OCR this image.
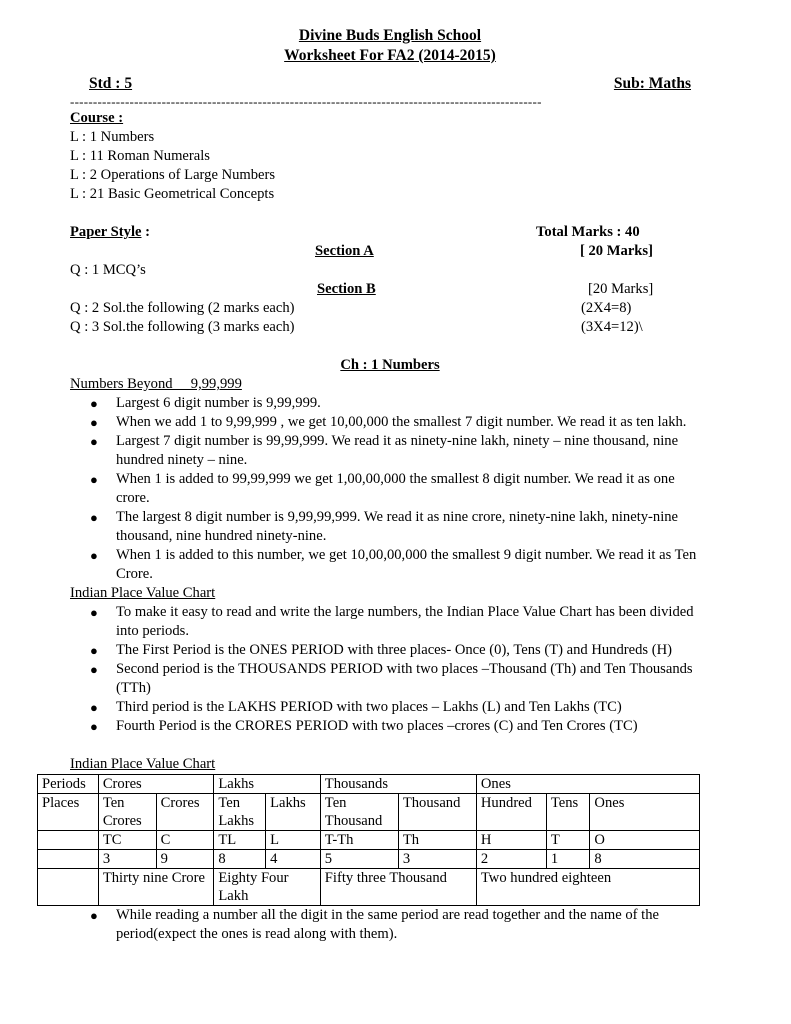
Divine Buds English School
Worksheet For FA2 (2014-2015)
Std : 5	Sub: Maths
-------------------------------------------------------------------------------------------------------
Course :
L : 1 Numbers
L : 11 Roman Numerals
L : 2 Operations of Large Numbers
L : 21 Basic Geometrical Concepts
Paper Style :	Total Marks : 40
Section A	[ 20 Marks]
Q : 1 MCQ’s
Section B	[20 Marks]
Q : 2 Sol.the following (2 marks each)	(2X4=8)
Q : 3 Sol.the following (3 marks each)	(3X4=12)\
Ch : 1 Numbers
Numbers Beyond     9,99,999
● Largest 6 digit number is 9,99,999.
● When we add 1 to 9,99,999 , we get 10,00,000 the smallest 7 digit number. We read it as ten lakh.
● Largest 7 digit number is 99,99,999. We read it as ninety-nine lakh, ninety – nine thousand, nine hundred ninety – nine.
● When 1 is added to 99,99,999 we get 1,00,00,000 the smallest 8 digit number. We read it as one crore.
● The largest 8 digit number is 9,99,99,999. We read it as nine crore, ninety-nine lakh, ninety-nine thousand, nine hundred ninety-nine.
● When 1 is added to this number, we get 10,00,00,000 the smallest 9 digit number. We read it as Ten Crore.
Indian Place Value Chart
● To make it easy to read and write the large numbers, the Indian Place Value Chart has been divided into periods.
● The First Period is the ONES PERIOD with three places- Once (0), Tens (T) and Hundreds (H)
● Second period is the THOUSANDS PERIOD with two places –Thousand (Th) and Ten Thousands (TTh)
● Third period is the LAKHS PERIOD with two places – Lakhs (L) and Ten Lakhs (TC)
● Fourth Period is the CRORES PERIOD with two places –crores (C) and Ten Crores (TC)
Indian Place Value Chart
Periods	Crores		Lakhs		Thousands		Ones		
Places	Ten Crores	Crores	Ten Lakhs	Lakhs	Ten Thousand	Thousand	Hundred	Tens	Ones
	TC	C	TL	L	T-Th	Th	H	T	O
	3	9	8	4	5	3	2	1	8
	Thirty nine Crore		Eighty Four Lakh		Fifty three Thousand		Two hundred eighteen		
● While reading a number all the digit in the same period are read together and the name of the period(expect the ones is read along with them).
